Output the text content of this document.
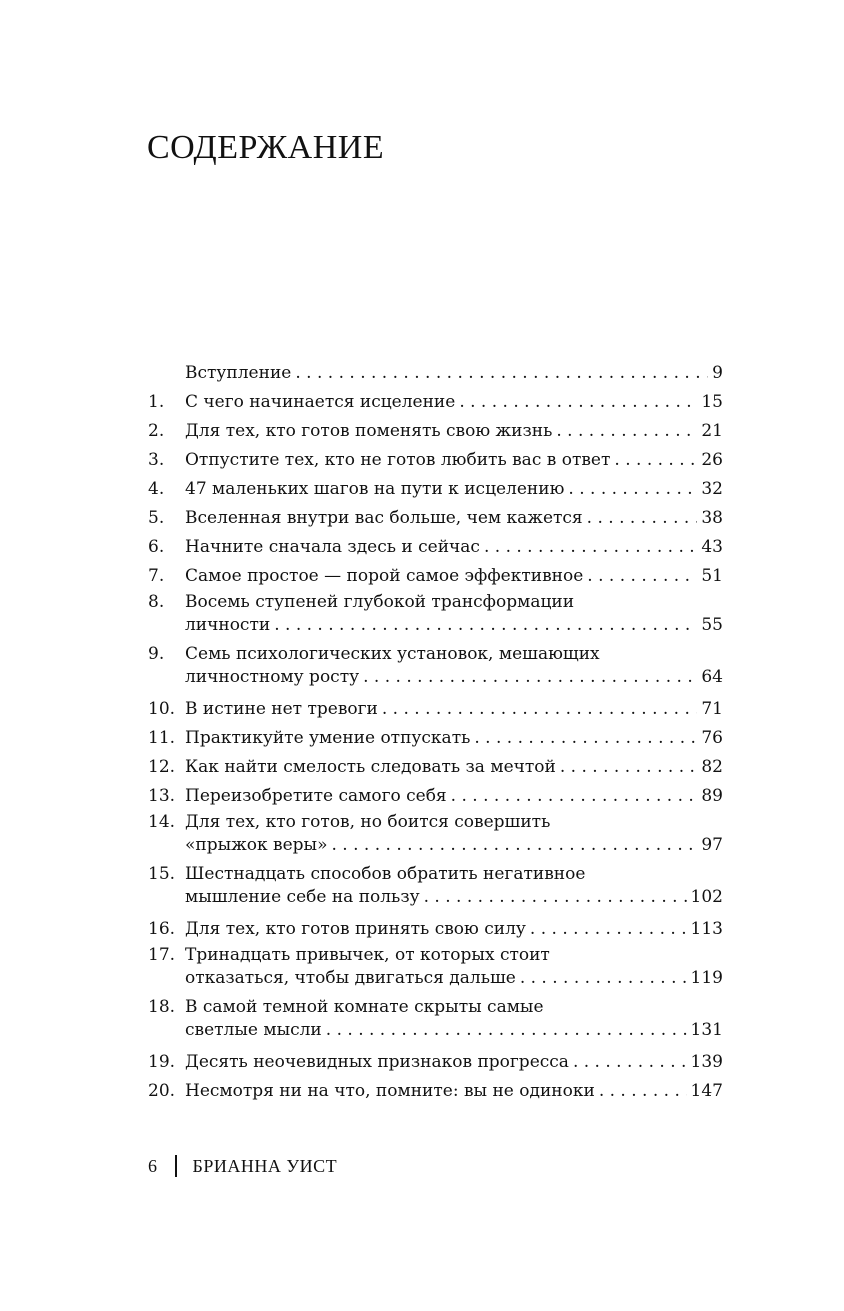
СОДЕРЖАНИЕ
Вступление . . .	9
1.	С чего начинается исцеление . . .	15
2.	Для тех, кто готов поменять свою жизнь . . .	21
3.	Отпустите тех, кто не готов любить вас в ответ . . .	26
4.	47 маленьких шагов на пути к исцелению . . .	32
5.	Вселенная внутри вас больше, чем кажется . . .	38
6.	Начните сначала здесь и сейчас . . .	43
7.	Самое простое — порой самое эффективное . . .	51
8.	Восемь ступеней глубокой трансформации
личности . . .	55
9.	Семь психологических установок, мешающих
личностному росту . . .	64
10. В истине нет тревоги . . .	71
11. Практикуйте умение отпускать . . .	76
12. Как найти смелость следовать за мечтой . . .	82
13. Переизобретите самого себя . . .	89
14. Для тех, кто готов, но боится совершить
«прыжок веры» . . .	97
15. Шестнадцать способов обратить негативное
мышление себе на пользу . . .	102
16. Для тех, кто готов принять свою силу . . .	113
17. Тринадцать привычек, от которых стоит
отказаться, чтобы двигаться дальше . . .	119
18. В самой темной комнате скрыты самые
светлые мысли . . .	131
19. Десять неочевидных признаков прогресса . . .	139
20. Несмотря ни на что, помните: вы не одиноки . . .	147
6 БРИАННА УИСТ
